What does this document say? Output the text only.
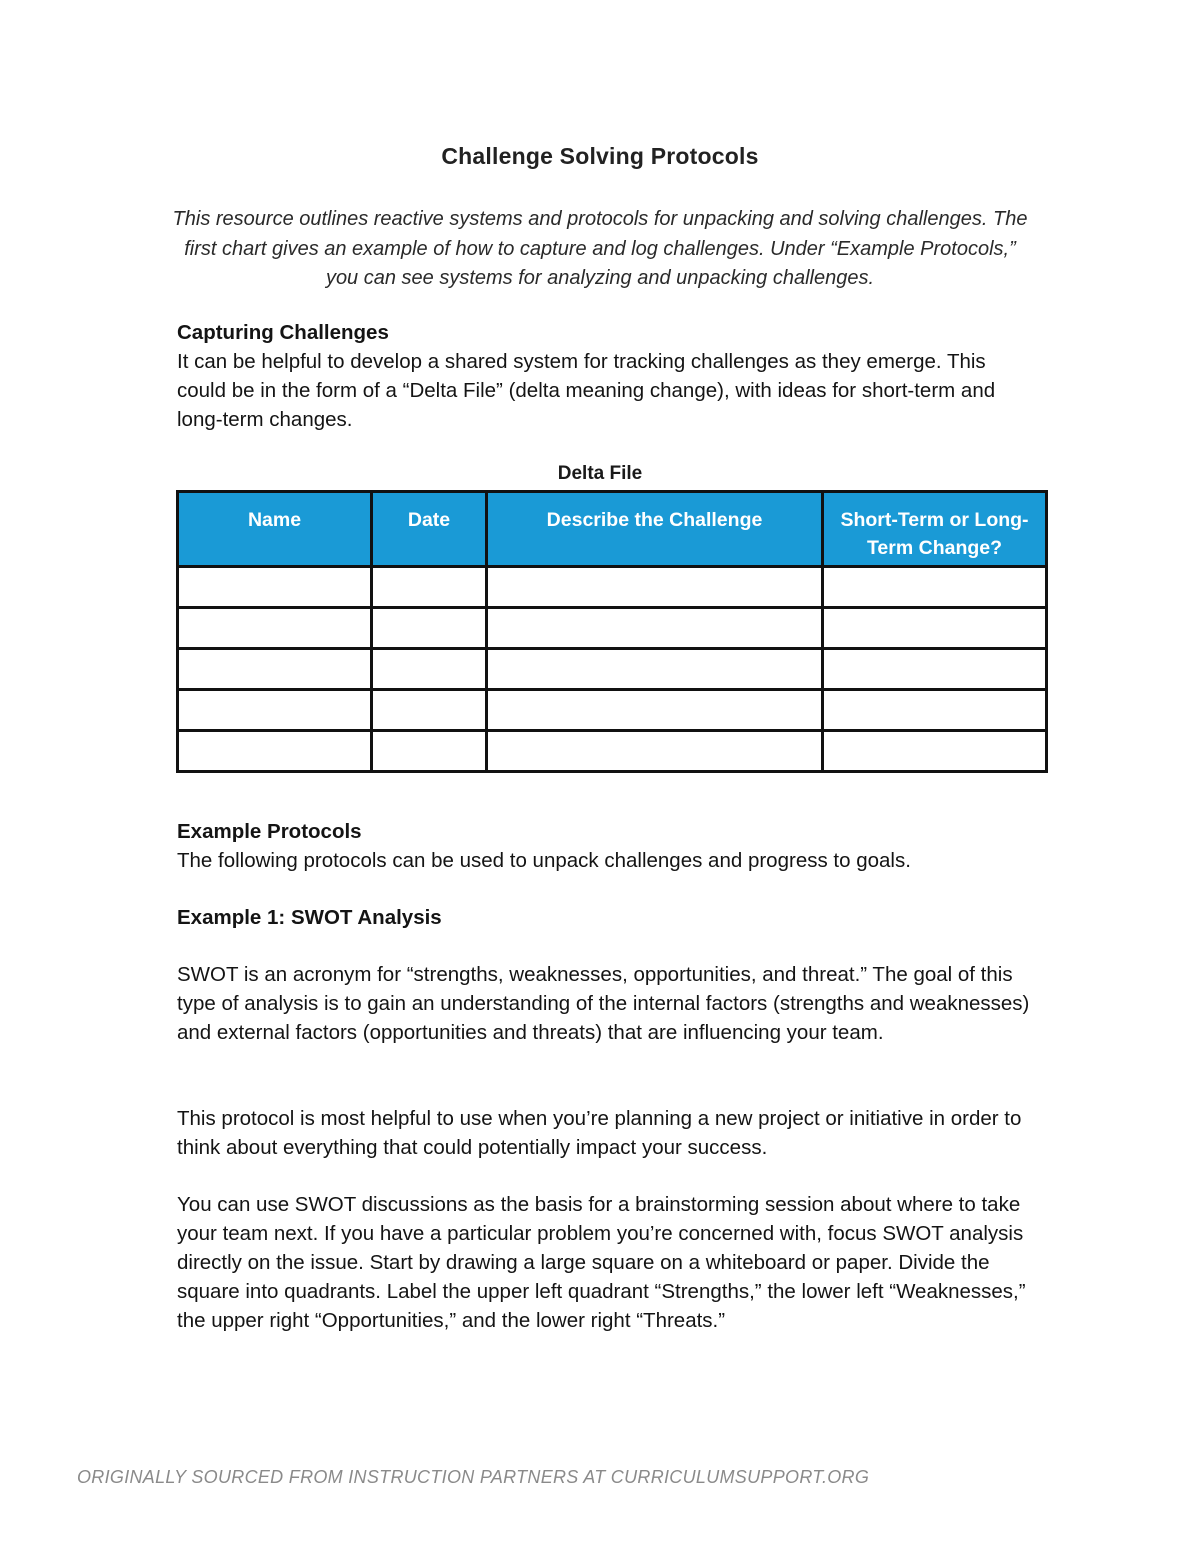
Challenge Solving Protocols
This resource outlines reactive systems and protocols for unpacking and solving challenges. The first chart gives an example of how to capture and log challenges. Under “Example Protocols,” you can see systems for analyzing and unpacking challenges.
Capturing Challenges

It can be helpful to develop a shared system for tracking challenges as they emerge. This could be in the form of a “Delta File” (delta meaning change), with ideas for short-term and long-term changes.

Delta File
Name	Date	Describe the Challenge	Short-Term or Long-Term Change?

Example Protocols

The following protocols can be used to unpack challenges and progress to goals.

Example 1: SWOT Analysis

SWOT is an acronym for “strengths, weaknesses, opportunities, and threat.” The goal of this type of analysis is to gain an understanding of the internal factors (strengths and weaknesses) and external factors (opportunities and threats) that are influencing your team.

This protocol is most helpful to use when you’re planning a new project or initiative in order to think about everything that could potentially impact your success.

You can use SWOT discussions as the basis for a brainstorming session about where to take your team next. If you have a particular problem you’re concerned with, focus SWOT analysis directly on the issue. Start by drawing a large square on a whiteboard or paper. Divide the square into quadrants. Label the upper left quadrant “Strengths,” the lower left “Weaknesses,” the upper right “Opportunities,” and the lower right “Threats.”

ORIGINALLY SOURCED FROM INSTRUCTION PARTNERS AT CURRICULUMSUPPORT.ORG
